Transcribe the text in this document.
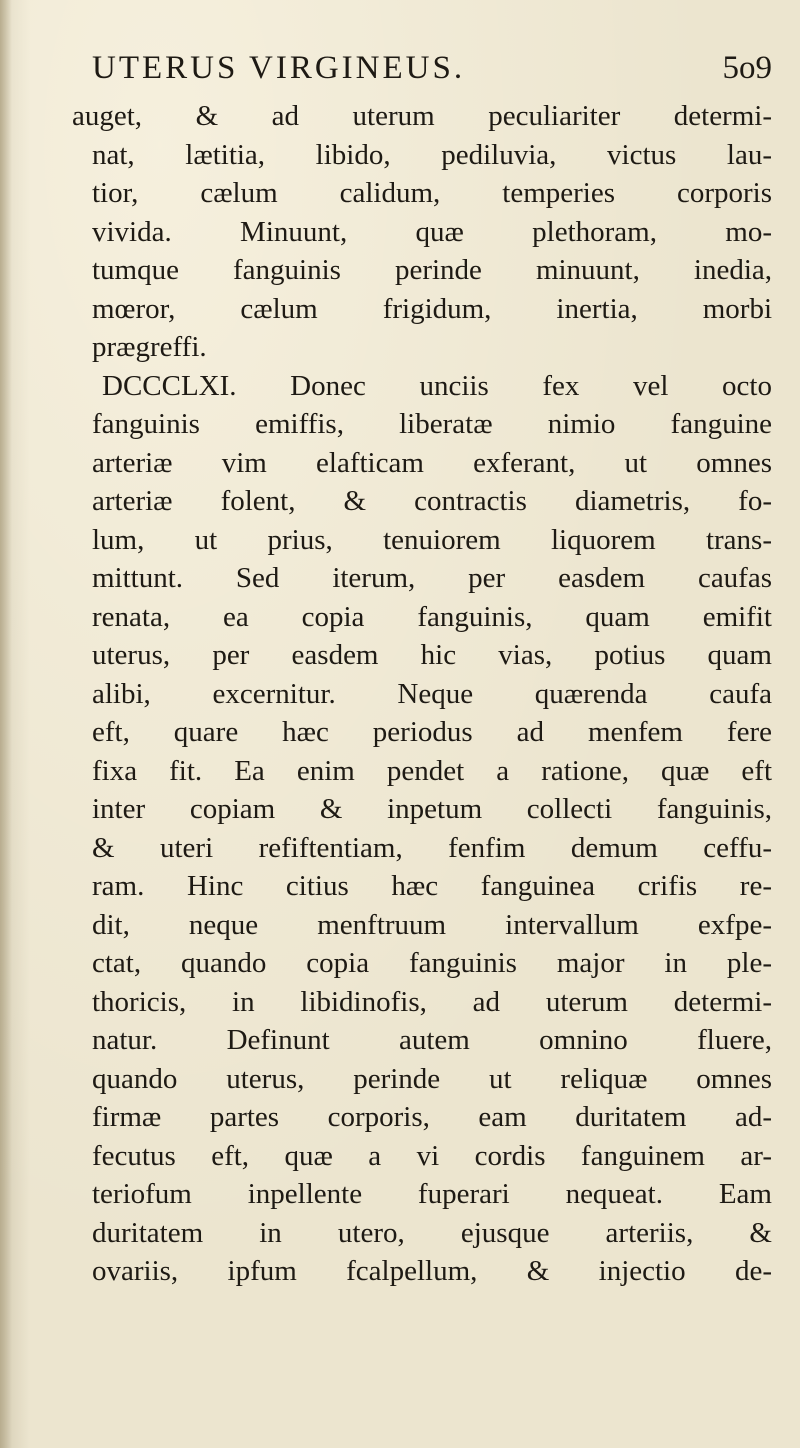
UTERUS VIRGINEUS.	5o9
auget, & ad uterum peculiariter determi-
nat, lætitia, libido, pediluvia, victus lau-
tior, cælum calidum, temperies corporis
vivida. Minuunt, quæ plethoram, mo-
tumque fanguinis perinde minuunt, inedia,
mœror, cælum frigidum, inertia, morbi
prægreffi.
DCCCLXI. Donec unciis fex vel octo
fanguinis emiffis, liberatæ nimio fanguine
arteriæ vim elafticam exferant, ut omnes
arteriæ folent, & contractis diametris, fo-
lum, ut prius, tenuiorem liquorem trans-
mittunt. Sed iterum, per easdem caufas
renata, ea copia fanguinis, quam emifit
uterus, per easdem hic vias, potius quam
alibi, excernitur. Neque quærenda caufa
eft, quare hæc periodus ad menfem fere
fixa fit. Ea enim pendet a ratione, quæ eft
inter copiam & inpetum collecti fanguinis,
& uteri refiftentiam, fenfim demum ceffu-
ram. Hinc citius hæc fanguinea crifis re-
dit, neque menftruum intervallum exfpe-
ctat, quando copia fanguinis major in ple-
thoricis, in libidinofis, ad uterum determi-
natur. Definunt autem omnino fluere,
quando uterus, perinde ut reliquæ omnes
firmæ partes corporis, eam duritatem ad-
fecutus eft, quæ a vi cordis fanguinem ar-
teriofum inpellente fuperari nequeat. Eam
duritatem in utero, ejusque arteriis, &
ovariis, ipfum fcalpellum, & injectio de-
